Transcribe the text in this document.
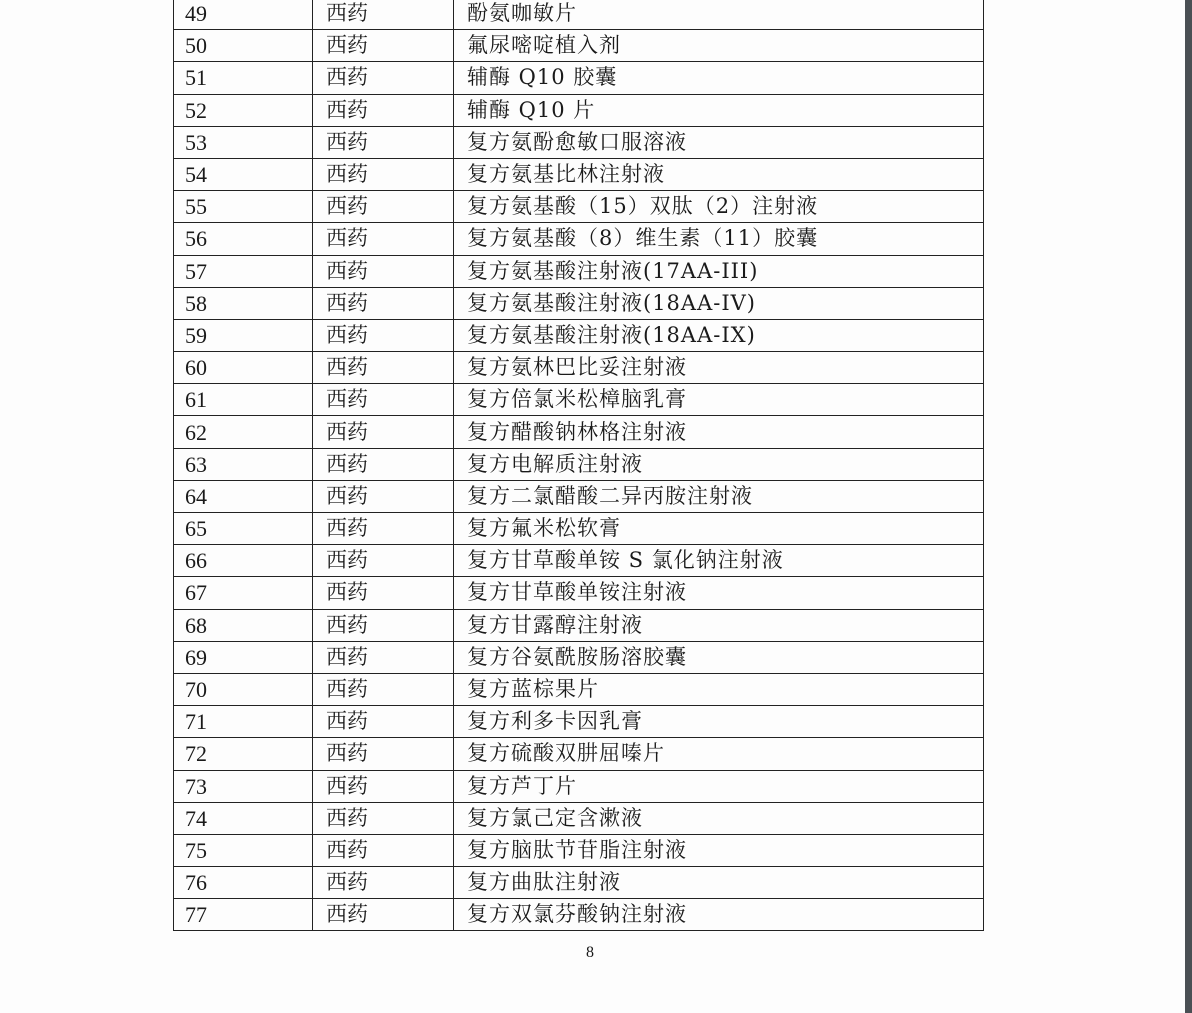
49	西药	酚氨咖敏片
50	西药	氟尿嘧啶植入剂
51	西药	辅酶 Q10 胶囊
52	西药	辅酶 Q10 片
53	西药	复方氨酚愈敏口服溶液
54	西药	复方氨基比林注射液
55	西药	复方氨基酸（15）双肽（2）注射液
56	西药	复方氨基酸（8）维生素（11）胶囊
57	西药	复方氨基酸注射液(17AA-III)
58	西药	复方氨基酸注射液(18AA-IV)
59	西药	复方氨基酸注射液(18AA-IX)
60	西药	复方氨林巴比妥注射液
61	西药	复方倍氯米松樟脑乳膏
62	西药	复方醋酸钠林格注射液
63	西药	复方电解质注射液
64	西药	复方二氯醋酸二异丙胺注射液
65	西药	复方氟米松软膏
66	西药	复方甘草酸单铵 S 氯化钠注射液
67	西药	复方甘草酸单铵注射液
68	西药	复方甘露醇注射液
69	西药	复方谷氨酰胺肠溶胶囊
70	西药	复方蓝棕果片
71	西药	复方利多卡因乳膏
72	西药	复方硫酸双肼屈嗪片
73	西药	复方芦丁片
74	西药	复方氯己定含漱液
75	西药	复方脑肽节苷脂注射液
76	西药	复方曲肽注射液
77	西药	复方双氯芬酸钠注射液
8
